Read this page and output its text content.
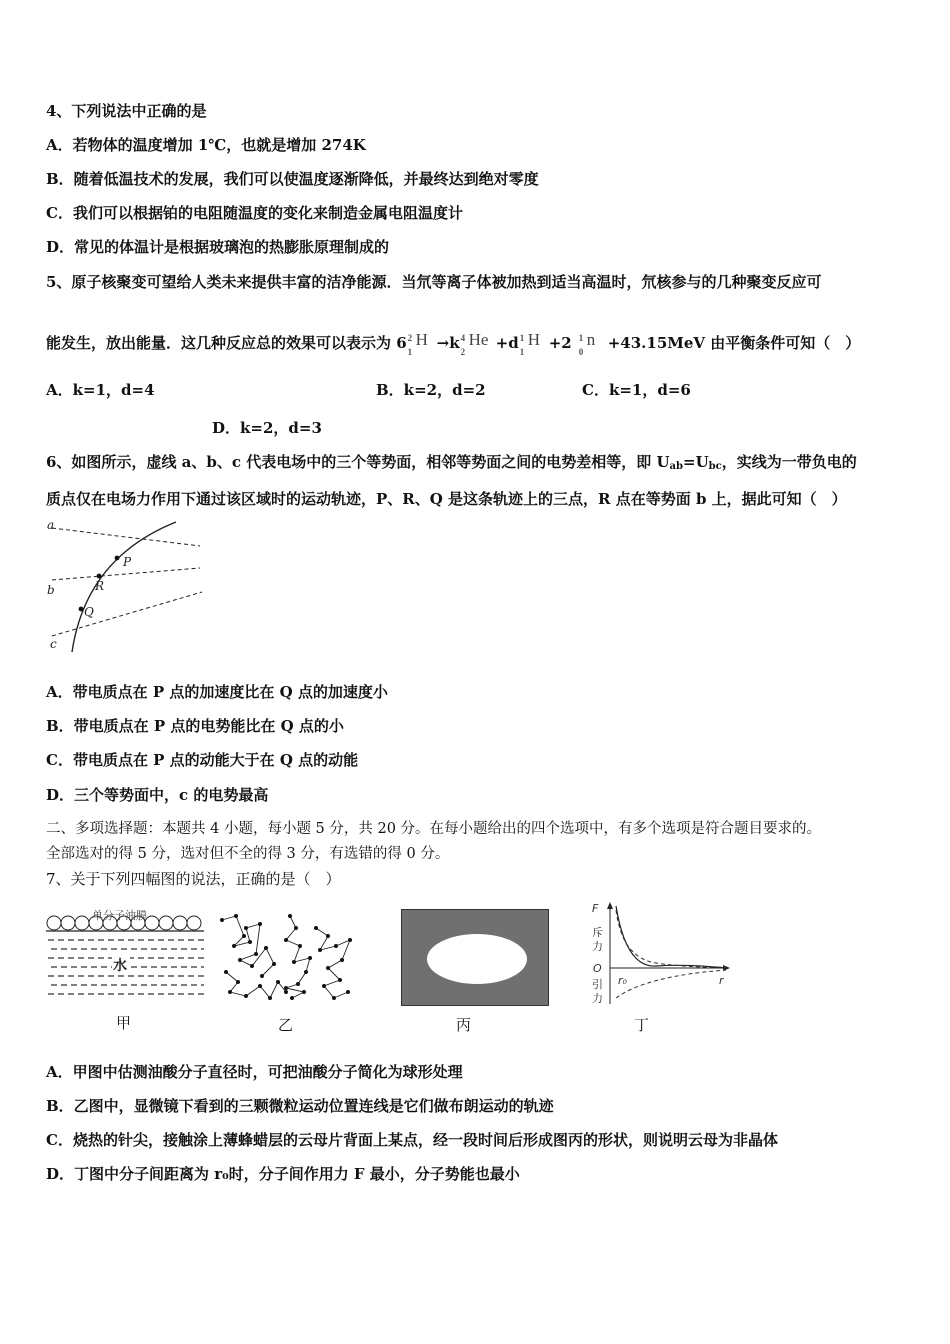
4、下列说法中正确的是
A．若物体的温度增加 1℃，也就是增加 274K
B．随着低温技术的发展，我们可以使温度逐渐降低，并最终达到绝对零度
C．我们可以根据铂的电阻随温度的变化来制造金属电阻温度计
D．常见的体温计是根据玻璃泡的热膨胀原理制成的
5、原子核聚变可望给人类未来提供丰富的洁净能源．当氘等离子体被加热到适当高温时，氘核参与的几种聚变反应可
能发生，放出能量．这几种反应总的效果可以表示为 6 2
1
H →k 4
2
He +d 1
1
H +2 1
0
n +43.15MeV 由平衡条件可知（　）
A．k=1，d=4	B．k=2，d=2	C．k=1，d=6
D．k=2，d=3
6、如图所示，虚线 a、b、c 代表电场中的三个等势面，相邻等势面之间的电势差相等，即 $U_{ab}=U_{bc}$，实线为一带负电的
质点仅在电场力作用下通过该区域时的运动轨迹，P、R、Q 是这条轨迹上的三点，R 点在等势面 b 上，据此可知（　）
a
b
c
P
R
Q
A．带电质点在 P 点的加速度比在 Q 点的加速度小
B．带电质点在 P 点的电势能比在 Q 点的小
C．带电质点在 P 点的动能大于在 Q 点的动能
D．三个等势面中，c 的电势最高
二、多项选择题：本题共 4 小题，每小题 5 分，共 20 分。在每小题给出的四个选项中，有多个选项是符合题目要求的。
全部选对的得 5 分，选对但不全的得 3 分，有选错的得 0 分。
7、关于下列四幅图的说法，正确的是（　）
单分子油膜
水
甲	乙	丙
F
斥
力
O
引
力
r₀	r
丁
A．甲图中估测油酸分子直径时，可把油酸分子简化为球形处理
B．乙图中，显微镜下看到的三颗微粒运动位置连线是它们做布朗运动的轨迹
C．烧热的针尖，接触涂上薄蜂蜡层的云母片背面上某点，经一段时间后形成图丙的形状，则说明云母为非晶体
D．丁图中分子间距离为 r₀时，分子间作用力 F 最小，分子势能也最小
